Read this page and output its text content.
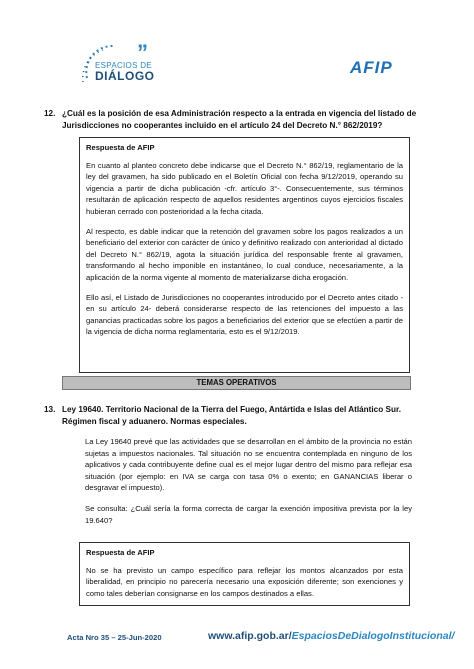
”
ESPACIOS DE
DIÁLOGO	AFIP
12. ¿Cuál es la posición de esa Administración respecto a la entrada en vigencia del listado de Jurisdicciones no cooperantes incluido en el artículo 24 del Decreto N.° 862/2019?

Respuesta de AFIP

En cuanto al planteo concreto debe indicarse que el Decreto N.° 862/19, reglamentario de la ley del gravamen, ha sido publicado en el Boletín Oficial con fecha 9/12/2019, operando su vigencia a partir de dicha publicación -cfr. artículo 3°-. Consecuentemente, sus términos resultarán de aplicación respecto de aquellos residentes argentinos cuyos ejercicios fiscales hubieran cerrado con posterioridad a la fecha citada.

Al respecto, es dable indicar que la retención del gravamen sobre los pagos realizados a un beneficiario del exterior con carácter de único y definitivo realizado con anterioridad al dictado del Decreto N.° 862/19, agota la situación jurídica del responsable frente al gravamen, transformando al hecho imponible en instantáneo, lo cual conduce, necesariamente, a la aplicación de la norma vigente al momento de materializarse dicha erogación.

Ello así, el Listado de Jurisdicciones no cooperantes introducido por el Decreto antes citado - en su artículo 24- deberá considerarse respecto de las retenciones del impuesto a las ganancias practicadas sobre los pagos a beneficiarios del exterior que se efectúen a partir de la vigencia de dicha norma reglamentaria, esto es el 9/12/2019.

TEMAS OPERATIVOS
13. Ley 19640. Territorio Nacional de la Tierra del Fuego, Antártida e Islas del Atlántico Sur. Régimen fiscal y aduanero. Normas especiales.

La Ley 19640 prevé que las actividades que se desarrollan en el ámbito de la provincia no están sujetas a impuestos nacionales. Tal situación no se encuentra contemplada en ninguno de los aplicativos y cada contribuyente define cual es el mejor lugar dentro del mismo para reflejar esa situación (por ejemplo: en IVA se carga con tasa 0% o exento; en GANANCIAS liberar o desgravar el impuesto).

Se consulta: ¿Cuál sería la forma correcta de cargar la exención impositiva prevista por la ley 19.640?

Respuesta de AFIP

No se ha previsto un campo específico para reflejar los montos alcanzados por esta liberalidad, en principio no parecería necesario una exposición diferente; son exenciones y como tales deberían consignarse en los campos destinados a ellas.

Acta Nro 35 – 25-Jun-2020	www.afip.gob.ar/EspaciosDeDialogoInstitucional/
